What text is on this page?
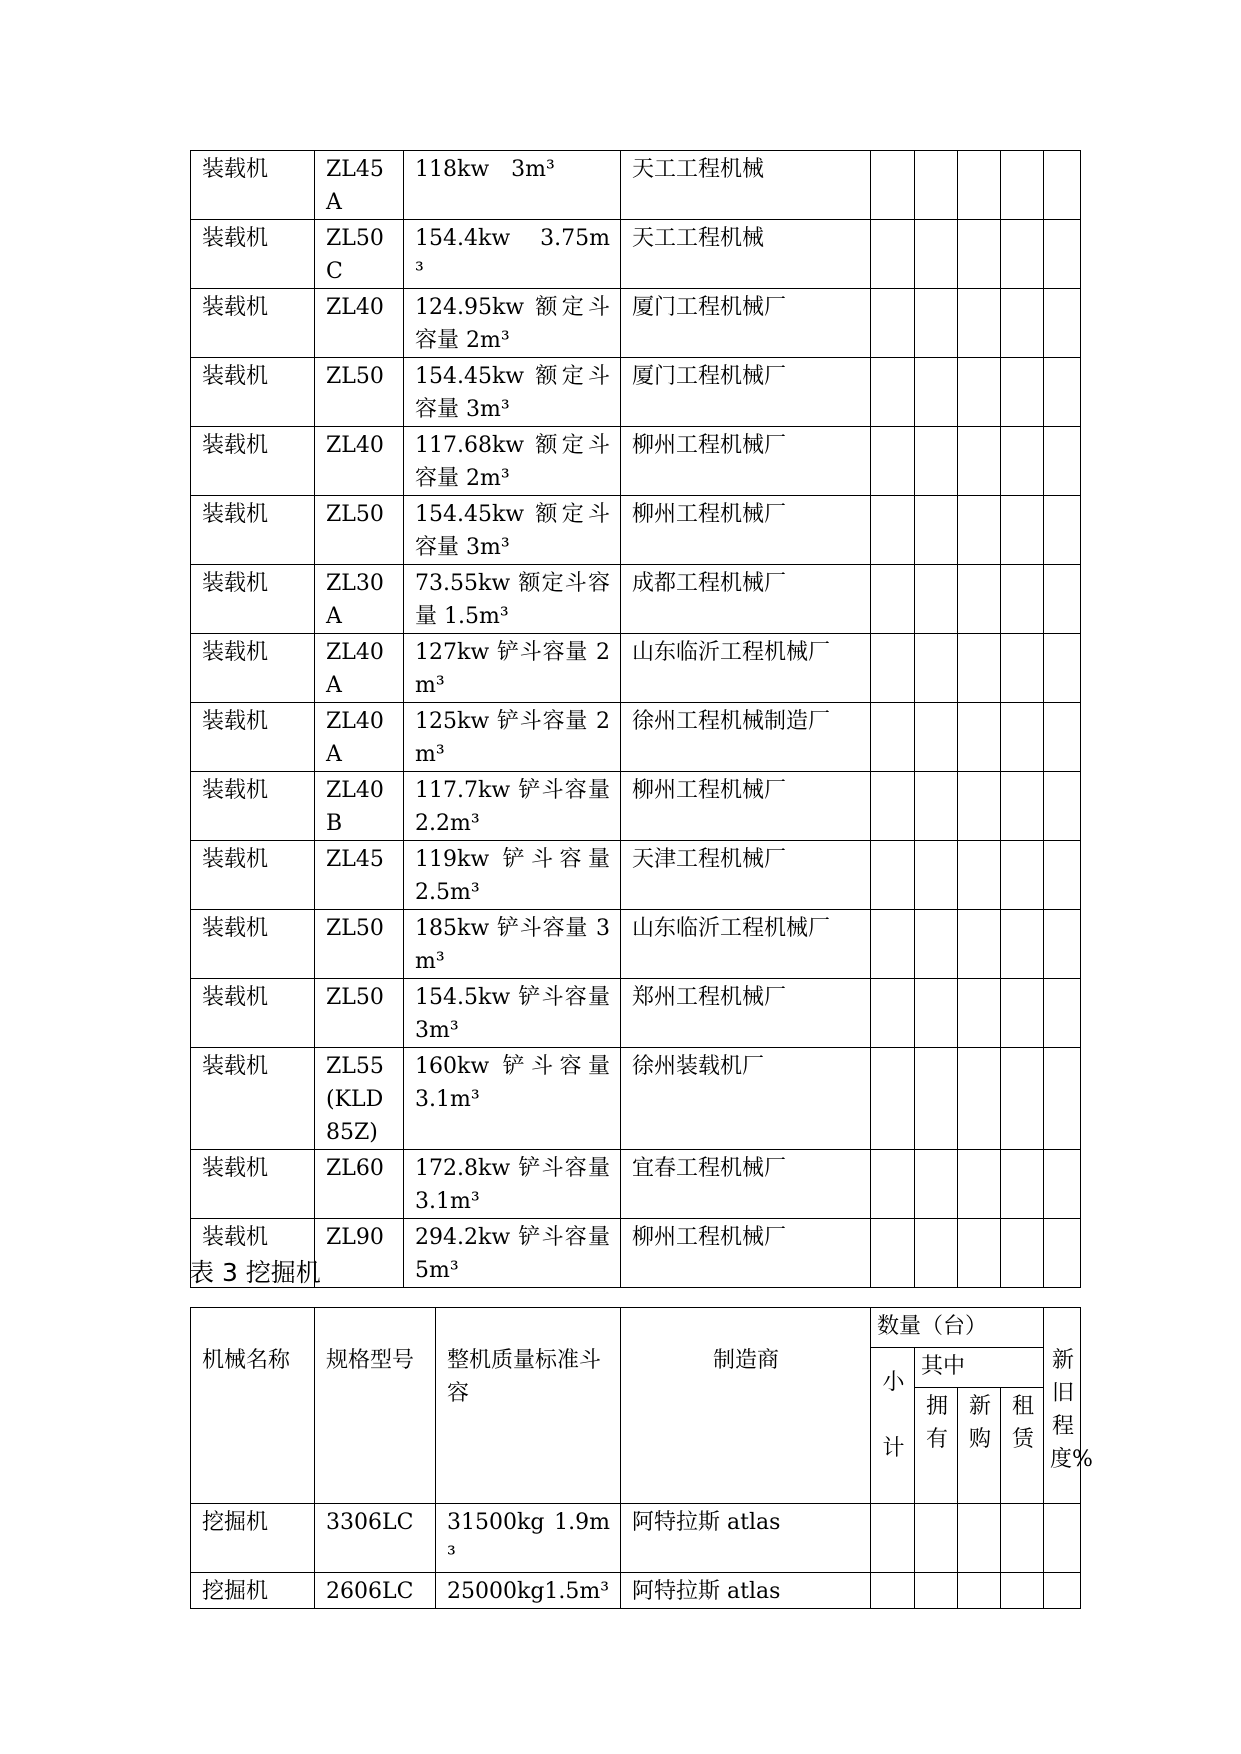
装载机	ZL45 A	118kw　3m³	天工工程机械					
装载机	ZL50 C	154.4kw　3.75m³	天工工程机械					
装载机	ZL40	124.95kw 额定斗容量 2m³	厦门工程机械厂					
装载机	ZL50	154.45kw 额定斗容量 3m³	厦门工程机械厂					
装载机	ZL40	117.68kw 额定斗容量 2m³	柳州工程机械厂					
装载机	ZL50	154.45kw 额定斗容量 3m³	柳州工程机械厂					
装载机	ZL30 A	73.55kw 额定斗容量 1.5m³	成都工程机械厂					
装载机	ZL40 A	127kw 铲斗容量 2m³	山东临沂工程机械厂					
装载机	ZL40 A	125kw 铲斗容量 2m³	徐州工程机械制造厂					
装载机	ZL40 B	117.7kw 铲斗容量 2.2m³	柳州工程机械厂					
装载机	ZL45	119kw 铲斗容量 2.5m³	天津工程机械厂					
装载机	ZL50	185kw 铲斗容量 3m³	山东临沂工程机械厂					
装载机	ZL50	154.5kw 铲斗容量 3m³	郑州工程机械厂					
装载机	ZL55(KLD85Z)	160kw 铲斗容量 3.1m³	徐州装载机厂					
装载机	ZL60	172.8kw 铲斗容量 3.1m³	宜春工程机械厂					
装载机	ZL90	294.2kw 铲斗容量 5m³	柳州工程机械厂					
表 3 挖掘机
机械名称	规格型号	整机质量标准斗容	制造商	数量（台）				新旧程度%
				小计	其中			
					拥有	新购	租赁	
挖掘机	3306LC	31500kg 1.9m³	阿特拉斯 atlas					
挖掘机	2606LC	25000kg1.5m³	阿特拉斯 atlas					
